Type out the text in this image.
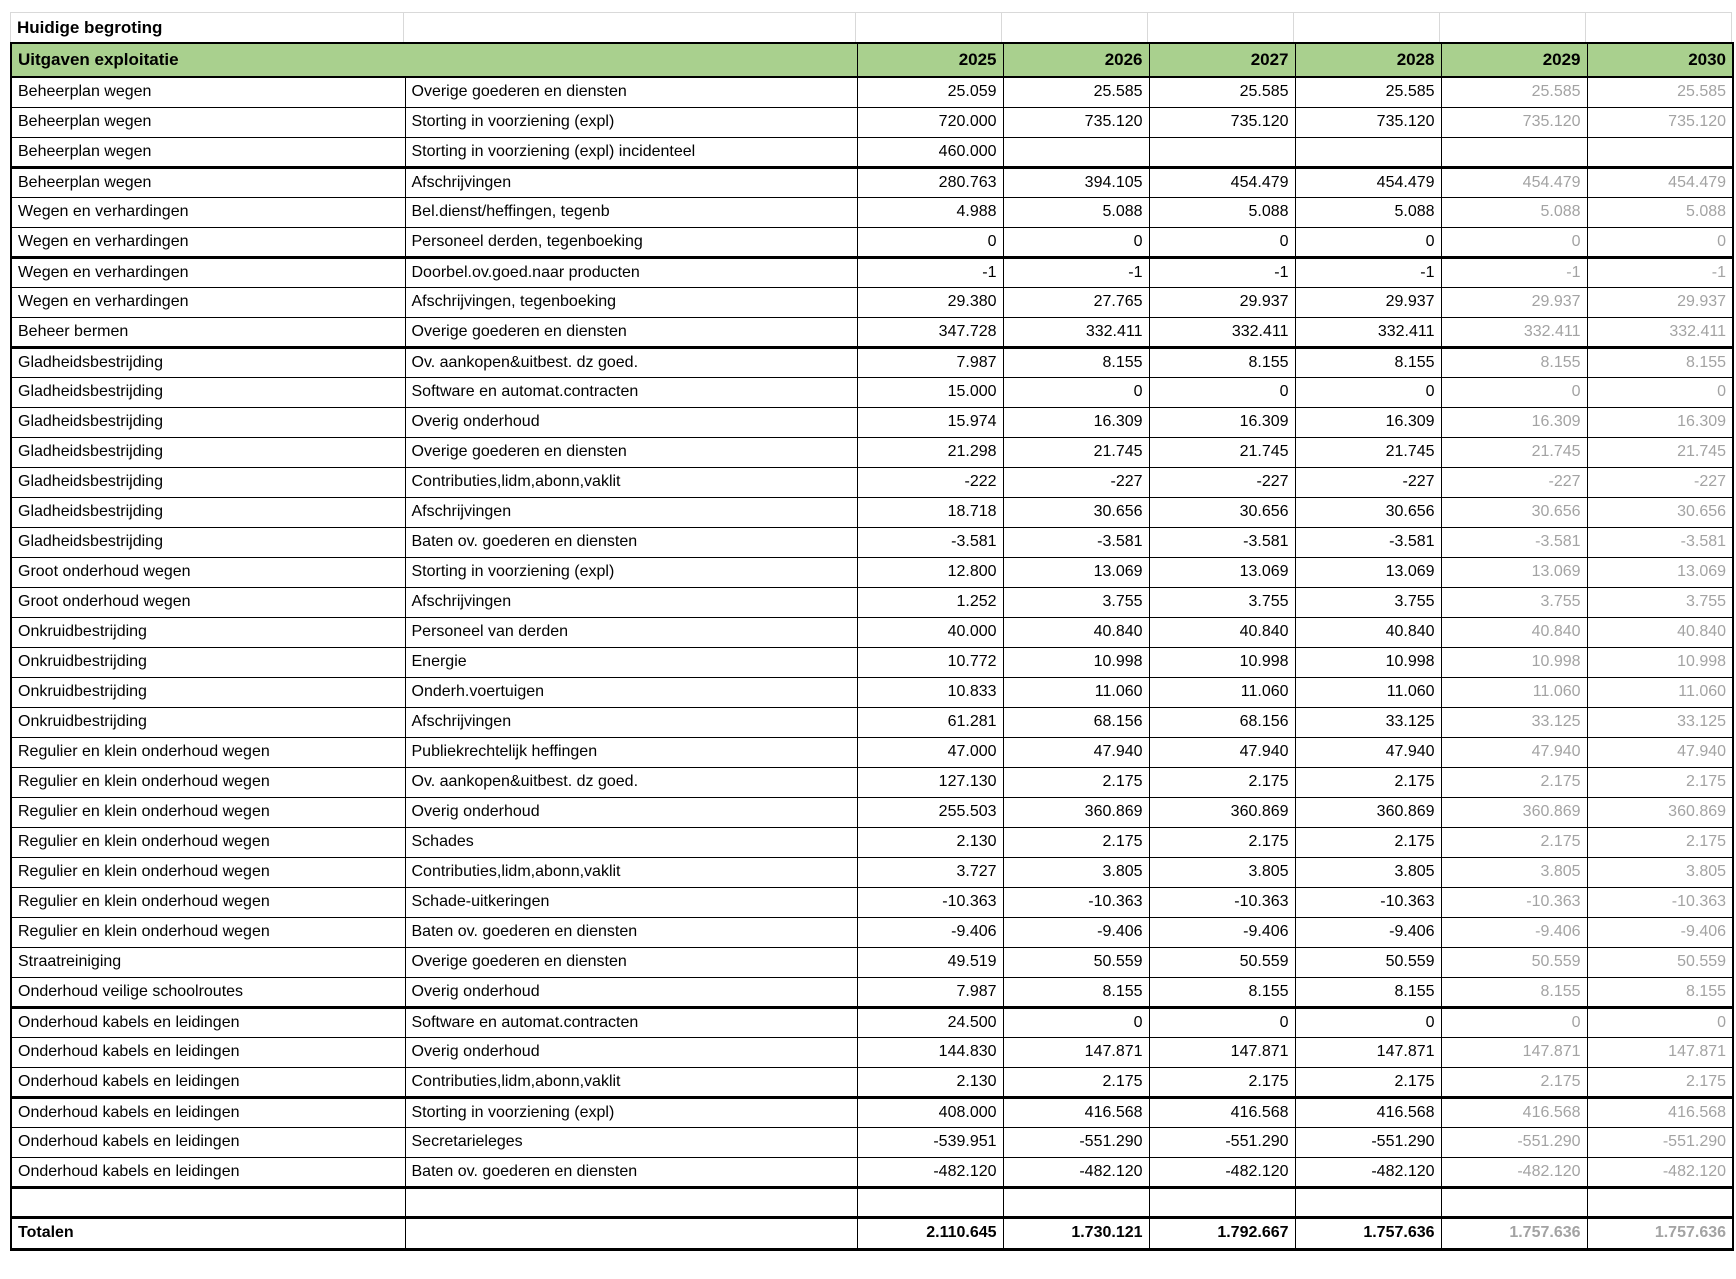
Huidige begroting
Uitgaven exploitatie		2025	2026	2027	2028	2029	2030
Beheerplan wegen	Overige goederen en diensten	25.059	25.585	25.585	25.585	25.585	25.585
Beheerplan wegen	Storting in voorziening (expl)	720.000	735.120	735.120	735.120	735.120	735.120
Beheerplan wegen	Storting in voorziening (expl) incidenteel	460.000					
Beheerplan wegen	Afschrijvingen	280.763	394.105	454.479	454.479	454.479	454.479
Wegen en verhardingen	Bel.dienst/heffingen, tegenb	4.988	5.088	5.088	5.088	5.088	5.088
Wegen en verhardingen	Personeel derden, tegenboeking	0	0	0	0	0	0
Wegen en verhardingen	Doorbel.ov.goed.naar producten	-1	-1	-1	-1	-1	-1
Wegen en verhardingen	Afschrijvingen, tegenboeking	29.380	27.765	29.937	29.937	29.937	29.937
Beheer bermen	Overige goederen en diensten	347.728	332.411	332.411	332.411	332.411	332.411
Gladheidsbestrijding	Ov. aankopen&uitbest. dz goed.	7.987	8.155	8.155	8.155	8.155	8.155
Gladheidsbestrijding	Software en automat.contracten	15.000	0	0	0	0	0
Gladheidsbestrijding	Overig onderhoud	15.974	16.309	16.309	16.309	16.309	16.309
Gladheidsbestrijding	Overige goederen en diensten	21.298	21.745	21.745	21.745	21.745	21.745
Gladheidsbestrijding	Contributies,lidm,abonn,vaklit	-222	-227	-227	-227	-227	-227
Gladheidsbestrijding	Afschrijvingen	18.718	30.656	30.656	30.656	30.656	30.656
Gladheidsbestrijding	Baten ov. goederen en diensten	-3.581	-3.581	-3.581	-3.581	-3.581	-3.581
Groot onderhoud wegen	Storting in voorziening (expl)	12.800	13.069	13.069	13.069	13.069	13.069
Groot onderhoud wegen	Afschrijvingen	1.252	3.755	3.755	3.755	3.755	3.755
Onkruidbestrijding	Personeel van derden	40.000	40.840	40.840	40.840	40.840	40.840
Onkruidbestrijding	Energie	10.772	10.998	10.998	10.998	10.998	10.998
Onkruidbestrijding	Onderh.voertuigen	10.833	11.060	11.060	11.060	11.060	11.060
Onkruidbestrijding	Afschrijvingen	61.281	68.156	68.156	33.125	33.125	33.125
Regulier en klein onderhoud wegen	Publiekrechtelijk heffingen	47.000	47.940	47.940	47.940	47.940	47.940
Regulier en klein onderhoud wegen	Ov. aankopen&uitbest. dz goed.	127.130	2.175	2.175	2.175	2.175	2.175
Regulier en klein onderhoud wegen	Overig onderhoud	255.503	360.869	360.869	360.869	360.869	360.869
Regulier en klein onderhoud wegen	Schades	2.130	2.175	2.175	2.175	2.175	2.175
Regulier en klein onderhoud wegen	Contributies,lidm,abonn,vaklit	3.727	3.805	3.805	3.805	3.805	3.805
Regulier en klein onderhoud wegen	Schade-uitkeringen	-10.363	-10.363	-10.363	-10.363	-10.363	-10.363
Regulier en klein onderhoud wegen	Baten ov. goederen en diensten	-9.406	-9.406	-9.406	-9.406	-9.406	-9.406
Straatreiniging	Overige goederen en diensten	49.519	50.559	50.559	50.559	50.559	50.559
Onderhoud veilige schoolroutes	Overig onderhoud	7.987	8.155	8.155	8.155	8.155	8.155
Onderhoud kabels en leidingen	Software en automat.contracten	24.500	0	0	0	0	0
Onderhoud kabels en leidingen	Overig onderhoud	144.830	147.871	147.871	147.871	147.871	147.871
Onderhoud kabels en leidingen	Contributies,lidm,abonn,vaklit	2.130	2.175	2.175	2.175	2.175	2.175
Onderhoud kabels en leidingen	Storting in voorziening (expl)	408.000	416.568	416.568	416.568	416.568	416.568
Onderhoud kabels en leidingen	Secretarieleges	-539.951	-551.290	-551.290	-551.290	-551.290	-551.290
Onderhoud kabels en leidingen	Baten ov. goederen en diensten	-482.120	-482.120	-482.120	-482.120	-482.120	-482.120

Totalen		2.110.645	1.730.121	1.792.667	1.757.636	1.757.636	1.757.636
